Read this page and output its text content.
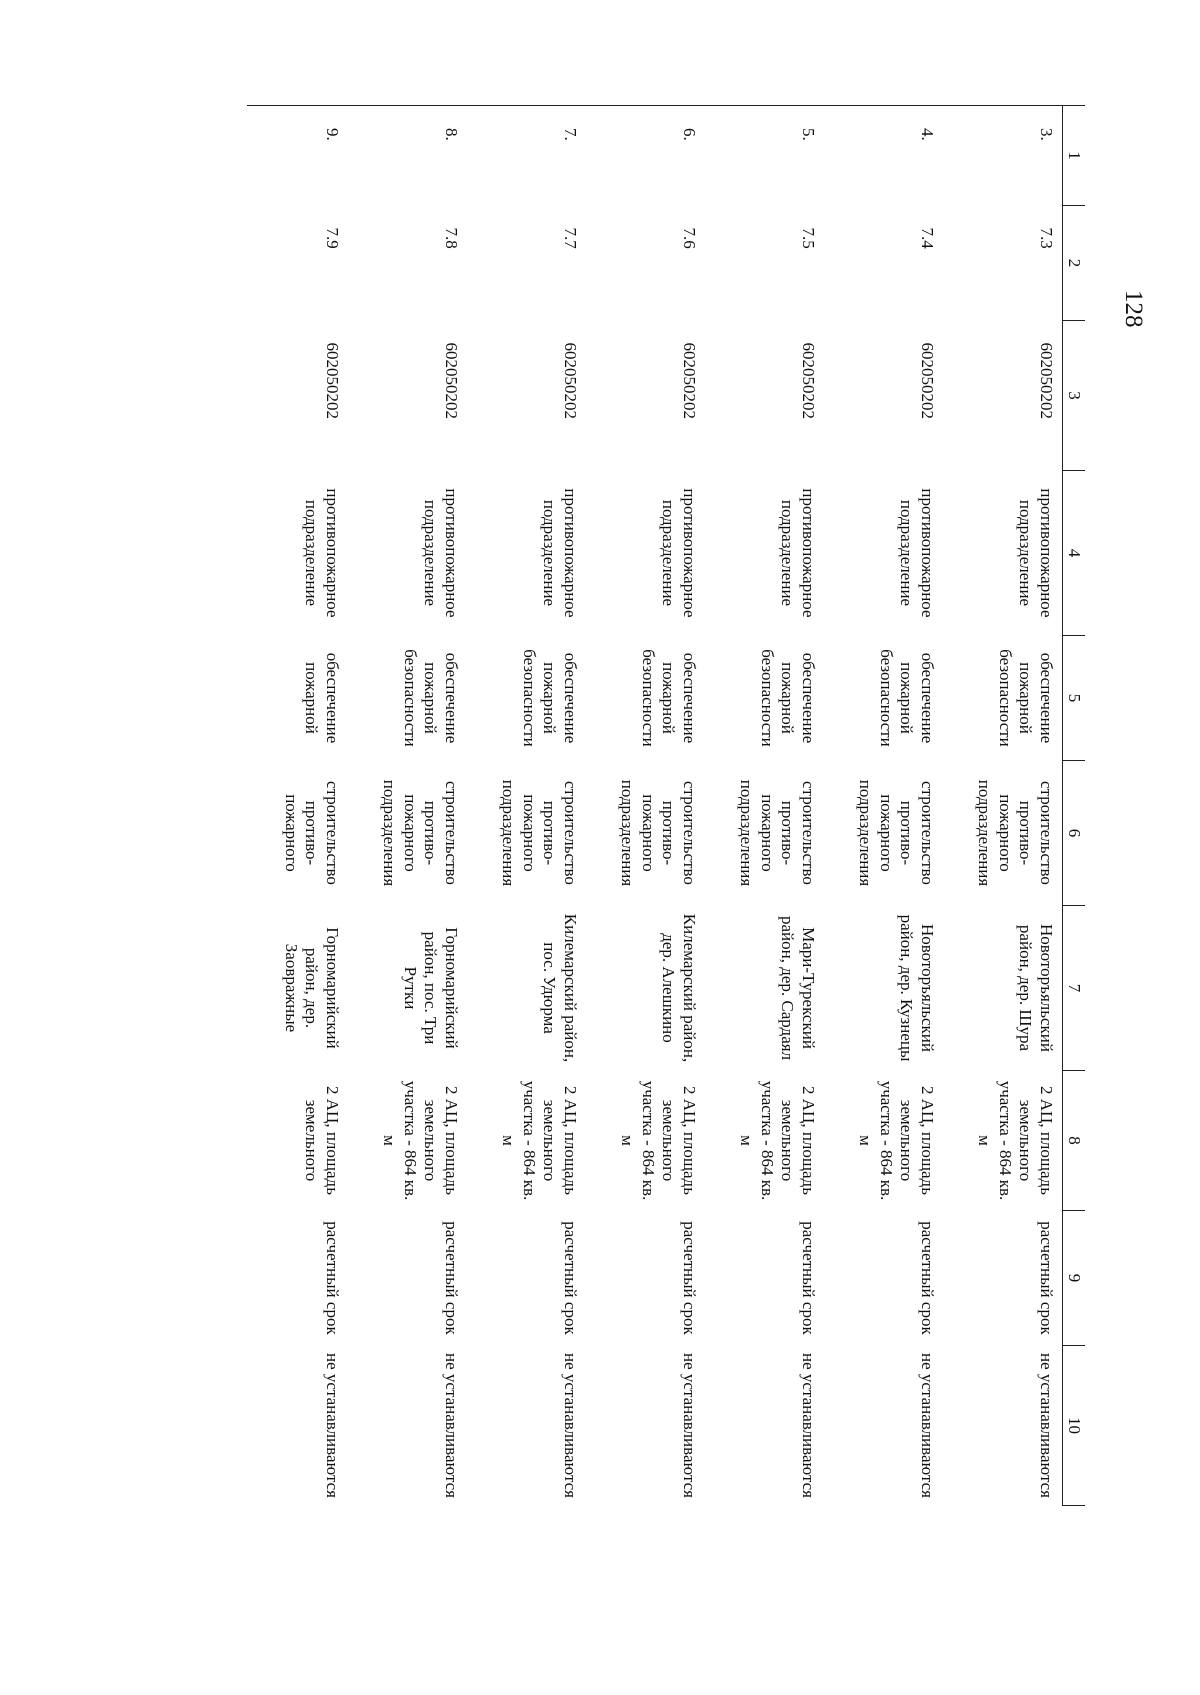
128
1	2	3	4	5	6	7	8	9	10
3.	7.3	602050202	противопожарное подразделение	обеспечение пожарной безопасности	строительство противо- пожарного подразделения	Новоторъяльский район, дер. Шура	2 АЦ, площадь земельного участка - 864 кв. м	расчетный срок	не устанавливаются
4.	7.4	602050202	противопожарное подразделение	обеспечение пожарной безопасности	строительство противо- пожарного подразделения	Новоторъяльский район, дер. Кузнецы	2 АЦ, площадь земельного участка - 864 кв. м	расчетный срок	не устанавливаются
5.	7.5	602050202	противопожарное подразделение	обеспечение пожарной безопасности	строительство противо- пожарного подразделения	Мари-Турекский район, дер. Сардаял	2 АЦ, площадь земельного участка - 864 кв. м	расчетный срок	не устанавливаются
6.	7.6	602050202	противопожарное подразделение	обеспечение пожарной безопасности	строительство противо- пожарного подразделения	Килемарский район, дер. Алешкино	2 АЦ, площадь земельного участка - 864 кв. м	расчетный срок	не устанавливаются
7.	7.7	602050202	противопожарное подразделение	обеспечение пожарной безопасности	строительство противо- пожарного подразделения	Килемарский район, пос. Удюрма	2 АЦ, площадь земельного участка - 864 кв. м	расчетный срок	не устанавливаются
8.	7.8	602050202	противопожарное подразделение	обеспечение пожарной безопасности	строительство противо- пожарного подразделения	Горномарийский район, пос. Три Рутки	2 АЦ, площадь земельного участка - 864 кв. м	расчетный срок	не устанавливаются
9.	7.9	602050202	противопожарное подразделение	обеспечение пожарной	строительство противо- пожарного	Горномарийский район, дер. Заовражные	2 АЦ, площадь земельного	расчетный срок	не устанавливаются
